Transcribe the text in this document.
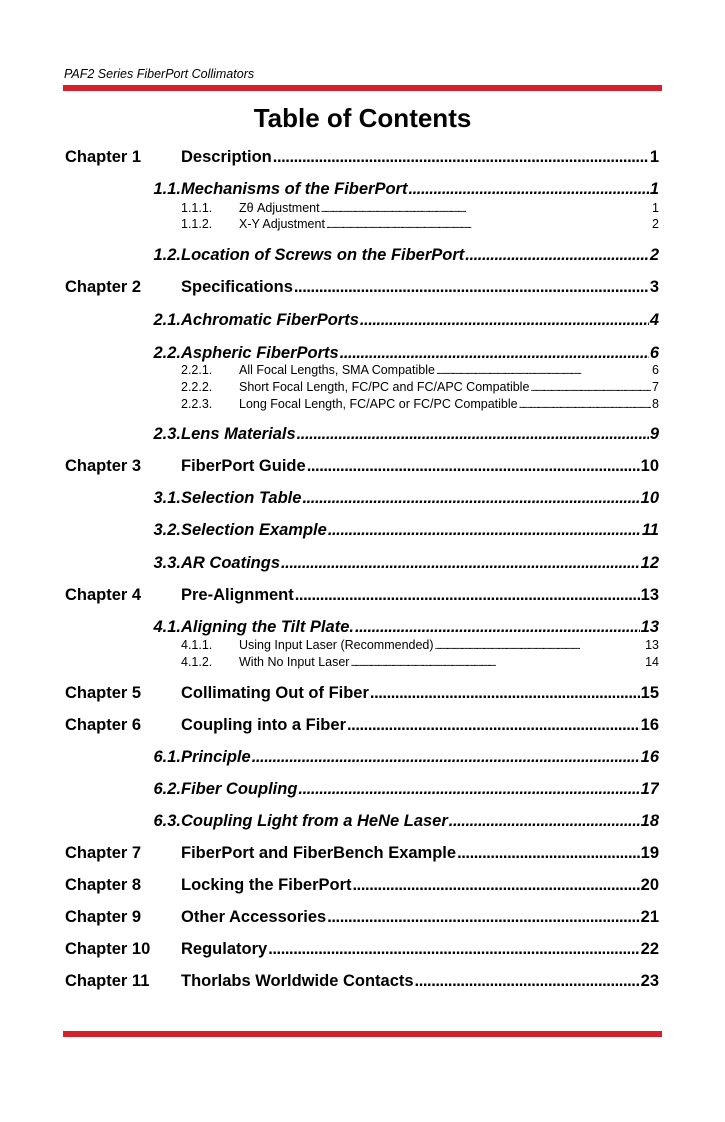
PAF2 Series FiberPort Collimators
Table of Contents
Chapter 1	Description . . .	1
1.1. Mechanisms of the FiberPort . . .	1
1.1.1.	Zθ Adjustment . . .	1
1.1.2.	X-Y Adjustment . . .	2
1.2. Location of Screws on the FiberPort . . .	2
Chapter 2	Specifications . . .	3
2.1. Achromatic FiberPorts . . .	4
2.2. Aspheric FiberPorts . . .	6
2.2.1.	All Focal Lengths, SMA Compatible . . .	6
2.2.2.	Short Focal Length, FC/PC and FC/APC Compatible . . .	7
2.2.3.	Long Focal Length, FC/APC or FC/PC Compatible . . .	8
2.3. Lens Materials . . .	9
Chapter 3	FiberPort Guide . . .	10
3.1. Selection Table . . .	10
3.2. Selection Example . . .	11
3.3. AR Coatings . . .	12
Chapter 4	Pre-Alignment . . .	13
4.1. Aligning the Tilt Plate. . . .	13
4.1.1.	Using Input Laser (Recommended) . . .	13
4.1.2.	With No Input Laser . . .	14
Chapter 5	Collimating Out of Fiber . . .	15
Chapter 6	Coupling into a Fiber . . .	16
6.1. Principle . . .	16
6.2. Fiber Coupling . . .	17
6.3. Coupling Light from a HeNe Laser . . .	18
Chapter 7	FiberPort and FiberBench Example . . .	19
Chapter 8	Locking the FiberPort . . .	20
Chapter 9	Other Accessories . . .	21
Chapter 10	Regulatory . . .	22
Chapter 11	Thorlabs Worldwide Contacts . . .	23
